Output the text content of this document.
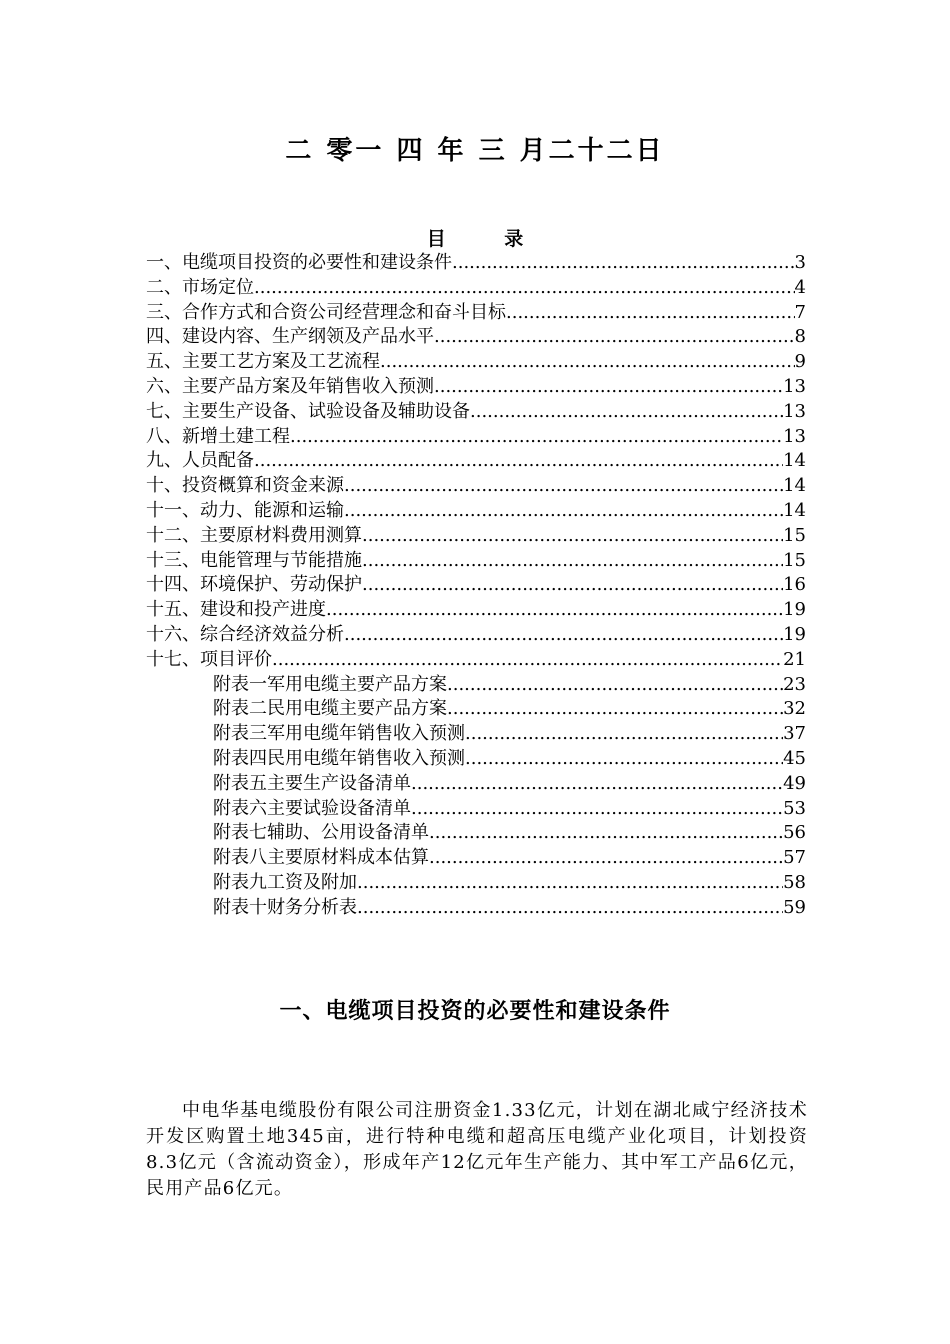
二 零一 四 年 三 月二十二日
目 录
一、电缆项目投资的必要性和建设条件 .....	3
二、市场定位 .....	4
三、合作方式和合资公司经营理念和奋斗目标 .....	7
四、建设内容、生产纲领及产品水平 .....	8
五、主要工艺方案及工艺流程 .....	9
六、主要产品方案及年销售收入预测 .....	13
七、主要生产设备、试验设备及辅助设备 .....	13
八、新增土建工程 .....	13
九、人员配备 .....	14
十、投资概算和资金来源 .....	14
十一、动力、能源和运输 .....	14
十二、主要原材料费用测算 .....	15
十三、电能管理与节能措施 .....	15
十四、环境保护、劳动保护 .....	16
十五、建设和投产进度 .....	19
十六、综合经济效益分析 .....	19
十七、项目评价 .....	21
附表一军用电缆主要产品方案 .....	23
附表二民用电缆主要产品方案 .....	32
附表三军用电缆年销售收入预测 .....	37
附表四民用电缆年销售收入预测 .....	45
附表五主要生产设备清单 .....	49
附表六主要试验设备清单 .....	53
附表七辅助、公用设备清单 .....	56
附表八主要原材料成本估算 .....	57
附表九工资及附加 .....	58
附表十财务分析表 .....	59
一、电缆项目投资的必要性和建设条件

中电华基电缆股份有限公司注册资金1.33亿元，计划在湖北咸宁经济技术开发区购置土地345亩，进行特种电缆和超高压电缆产业化项目，计划投资8.3亿元（含流动资金），形成年产12亿元年生产能力、其中军工产品6亿元，民用产品6亿元。
